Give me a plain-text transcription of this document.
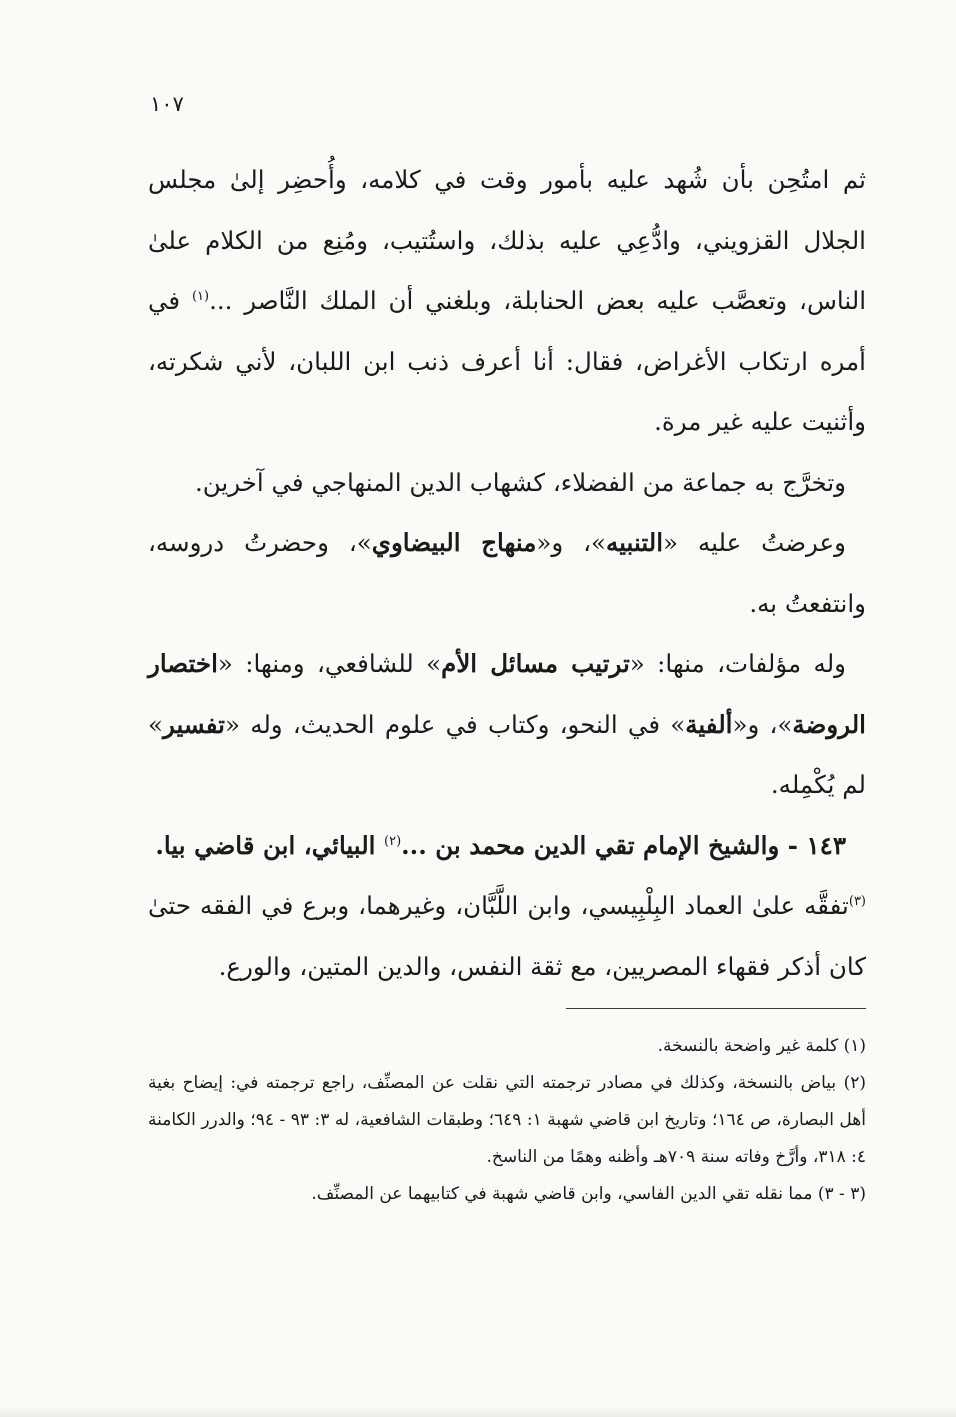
١٠٧

ثم امتُحِن بأن شُهد عليه بأمور وقت في كلامه، وأُحضِر إلىٰ مجلس الجلال القزويني، وادُّعِي عليه بذلك، واستُتيب، ومُنِع من الكلام علىٰ الناس، وتعصَّب عليه بعض الحنابلة، وبلغني أن الملك النَّاصر ...$^{(١)}$ في أمره ارتكاب الأغراض، فقال: أنا أعرف ذنب ابن اللبان، لأني شكرته، وأثنيت عليه غير مرة.

وتخرَّج به جماعة من الفضلاء، كشهاب الدين المنهاجي في آخرين.

وعرضتُ عليه «التنبيه»، و«منهاج البيضاوي»، وحضرتُ دروسه، وانتفعتُ به.

وله مؤلفات، منها: «ترتيب مسائل الأم» للشافعي، ومنها: «اختصار الروضة»، و«ألفية» في النحو، وكتاب في علوم الحديث، وله «تفسير» لم يُكْمِله.

١٤٣ - والشيخ الإمام تقي الدين محمد بن ...$^{(٢)}$ البيائي، ابن قاضي بيا.

$^{(٣)}$تفقَّه علىٰ العماد البِلْبِيسي، وابن اللَّبَّان، وغيرهما، وبرع في الفقه حتىٰ كان أذكر فقهاء المصريين، مع ثقة النفس، والدين المتين، والورع.

(١) كلمة غير واضحة بالنسخة.

(٢) بياض بالنسخة، وكذلك في مصادر ترجمته التي نقلت عن المصنِّف، راجع ترجمته في: إيضاح بغية أهل البصارة، ص ١٦٤؛ وتاريخ ابن قاضي شهبة ١: ٦٤٩؛ وطبقات الشافعية، له ٣: ٩٣ - ٩٤؛ والدرر الكامنة ٤: ٣١٨، وأرَّخ وفاته سنة ٧٠٩هـ وأظنه وهمًا من الناسخ.

(٣ - ٣) مما نقله تقي الدين الفاسي، وابن قاضي شهبة في كتابيهما عن المصنِّف.
